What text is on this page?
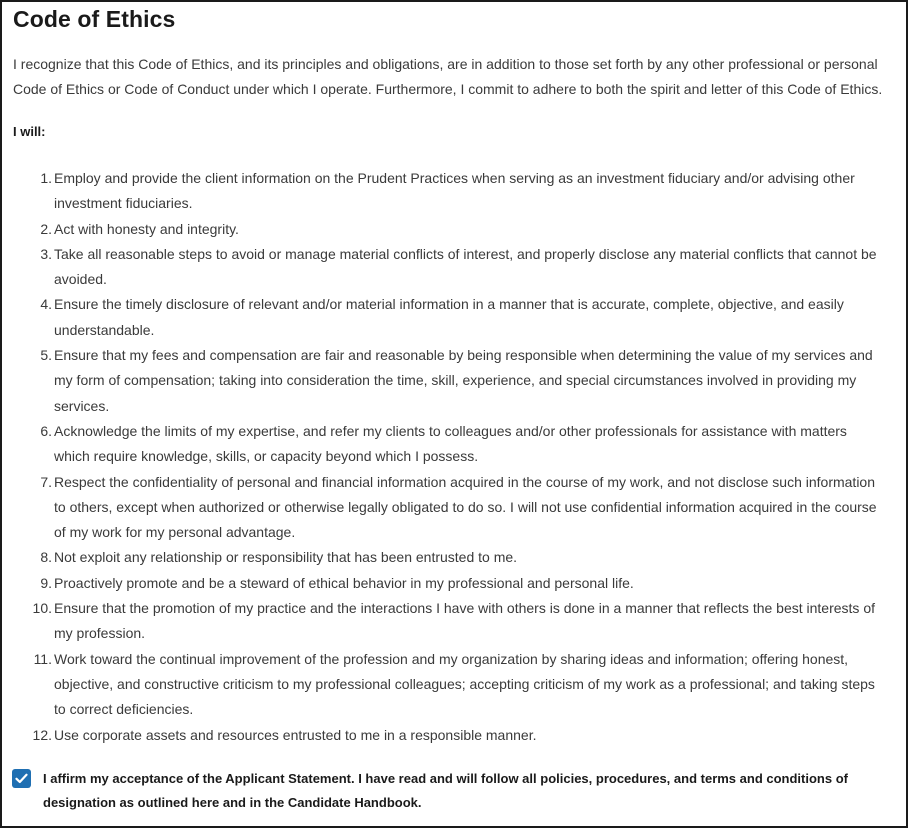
Code of Ethics

I recognize that this Code of Ethics, and its principles and obligations, are in addition to those set forth by any other professional or personal Code of Ethics or Code of Conduct under which I operate. Furthermore, I commit to adhere to both the spirit and letter of this Code of Ethics.

I will:

1. Employ and provide the client information on the Prudent Practices when serving as an investment fiduciary and/or advising other investment fiduciaries.
2. Act with honesty and integrity.
3. Take all reasonable steps to avoid or manage material conflicts of interest, and properly disclose any material conflicts that cannot be avoided.
4. Ensure the timely disclosure of relevant and/or material information in a manner that is accurate, complete, objective, and easily understandable.
5. Ensure that my fees and compensation are fair and reasonable by being responsible when determining the value of my services and my form of compensation; taking into consideration the time, skill, experience, and special circumstances involved in providing my services.
6. Acknowledge the limits of my expertise, and refer my clients to colleagues and/or other professionals for assistance with matters which require knowledge, skills, or capacity beyond which I possess.
7. Respect the confidentiality of personal and financial information acquired in the course of my work, and not disclose such information to others, except when authorized or otherwise legally obligated to do so. I will not use confidential information acquired in the course of my work for my personal advantage.
8. Not exploit any relationship or responsibility that has been entrusted to me.
9. Proactively promote and be a steward of ethical behavior in my professional and personal life.
10. Ensure that the promotion of my practice and the interactions I have with others is done in a manner that reflects the best interests of my profession.
11. Work toward the continual improvement of the profession and my organization by sharing ideas and information; offering honest, objective, and constructive criticism to my professional colleagues; accepting criticism of my work as a professional; and taking steps to correct deficiencies.
12. Use corporate assets and resources entrusted to me in a responsible manner.

I affirm my acceptance of the Applicant Statement. I have read and will follow all policies, procedures, and terms and conditions of designation as outlined here and in the Candidate Handbook.
